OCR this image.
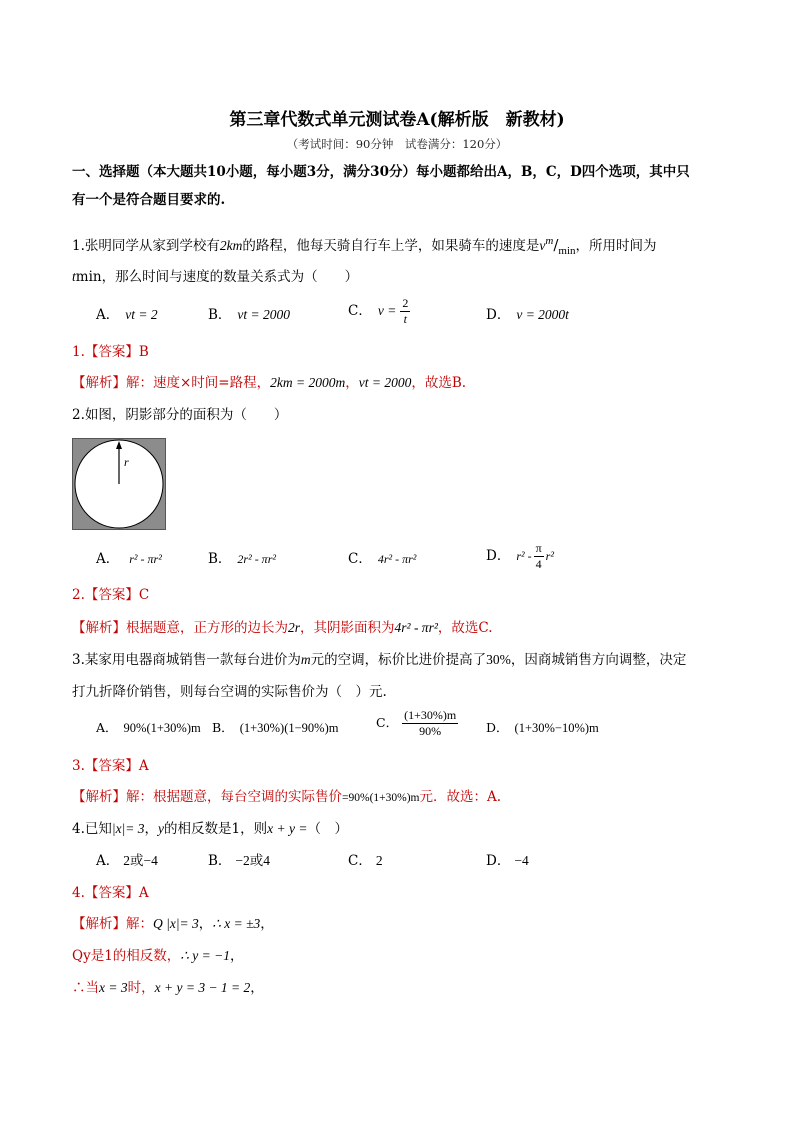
第三章代数式单元测试卷A(解析版　新教材)
（考试时间：90分钟　试卷满分：120分）
一、选择题（本大题共10小题，每小题3分，满分30分）每小题都给出A，B，C，D四个选项，其中只
有一个是符合题目要求的.
1.张明同学从家到学校有2km的路程，他每天骑自行车上学，如果骑车的速度是$v^m/_{min}$，所用时间为
tmin，那么时间与速度的数量关系式为（　　）
A． vt = 2	B． vt = 2000	C． $v = \frac{2}{t}$	D． v = 2000t
1.【答案】B
【解析】解：速度×时间=路程，2km = 2000m，vt = 2000，故选B.
2.如图，阴影部分的面积为（　　）
r
A． r² - πr²	B． 2r² - πr²	C． 4r² - πr²	D． $r^2 - \frac{\pi}{4} r^2$
2.【答案】C
【解析】根据题意，正方形的边长为2r，其阴影面积为4r² - πr²，故选C.
3.某家用电器商城销售一款每台进价为m元的空调，标价比进价提高了30%，因商城销售方向调整，决定
打九折降价销售，则每台空调的实际售价为（　）元.
A． 90%(1+30%)m B． (1+30%)(1−90%)m	C． $\frac{(1+30\%)m}{90\%}$ D． (1+30%−10%)m
3.【答案】A
【解析】解：根据题意，每台空调的实际售价=90%(1+30%)m元．故选：A.
4.已知|x|= 3，y的相反数是1，则x + y =（　）
A． 2或−4	B． −2或4	C． 2	D． −4
4.【答案】A
【解析】解：Q |x|= 3，∴ x = ±3，
Qy是1的相反数，∴ y = −1，
∴当x = 3时，x + y = 3 − 1 = 2，
